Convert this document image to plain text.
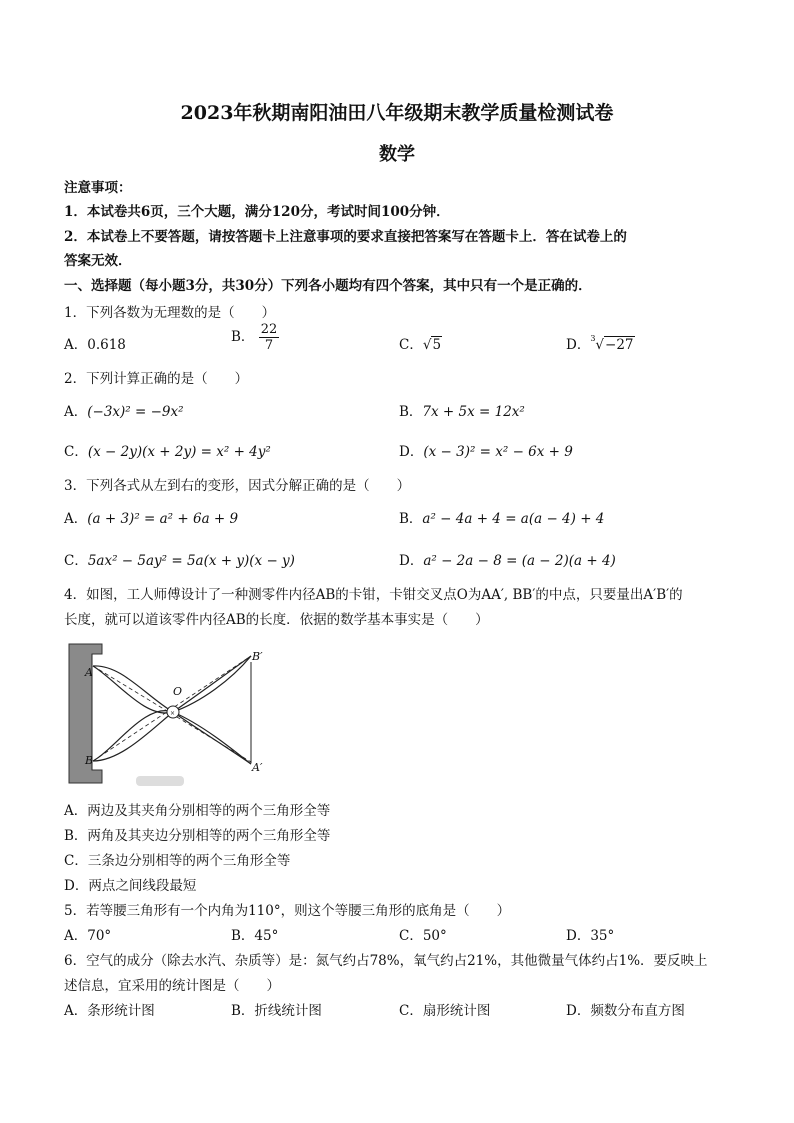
2023年秋期南阳油田八年级期末教学质量检测试卷
数学
注意事项：
1．本试卷共6页，三个大题，满分120分，考试时间100分钟．
2．本试卷上不要答题，请按答题卡上注意事项的要求直接把答案写在答题卡上．答在试卷上的
答案无效．
一、选择题（每小题3分，共30分）下列各小题均有四个答案，其中只有一个是正确的．
1．下列各数为无理数的是（　　）
A．0.618	B． $\frac{22}{7}$	C．√5	D．$^3$√−27
2．下列计算正确的是（　　）
A．(−3x)² = −9x²	B．7x + 5x = 12x²
C．(x − 2y)(x + 2y) = x² + 4y²	D．(x − 3)² = x² − 6x + 9
3．下列各式从左到右的变形，因式分解正确的是（　　）
A．(a + 3)² = a² + 6a + 9	B．a² − 4a + 4 = a(a − 4) + 4
C．5ax² − 5ay² = 5a(x + y)(x − y)	D．a² − 2a − 8 = (a − 2)(a + 4)
4．如图，工人师傅设计了一种测零件内径AB的卡钳，卡钳交叉点O为AA′, BB′的中点，只要量出A′B′的
长度，就可以道该零件内径AB的长度．依据的数学基本事实是（　　）
×
A
B
O
B′
A′
A．两边及其夹角分别相等的两个三角形全等
B．两角及其夹边分别相等的两个三角形全等
C．三条边分别相等的两个三角形全等
D．两点之间线段最短
5．若等腰三角形有一个内角为110°，则这个等腰三角形的底角是（　　）
A．70°	B．45°	C．50°	D．35°
6．空气的成分（除去水汽、杂质等）是：氮气约占78%，氧气约占21%，其他微量气体约占1%．要反映上
述信息，宜采用的统计图是（　　）
A．条形统计图	B．折线统计图	C．扇形统计图	D．频数分布直方图
